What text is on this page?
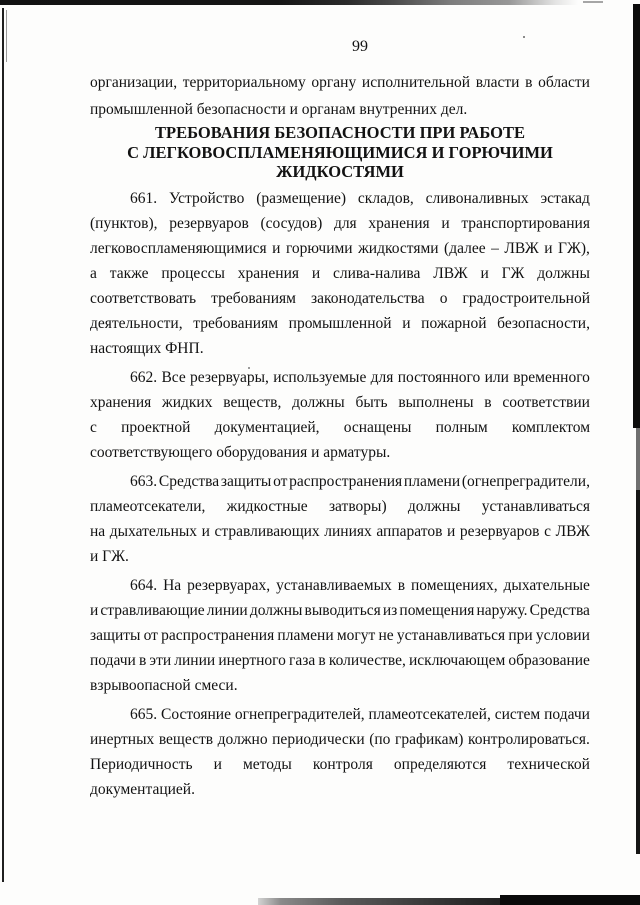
99
организации, территориальному органу исполнительной власти в области
промышленной безопасности и органам внутренних дел.
ТРЕБОВАНИЯ БЕЗОПАСНОСТИ ПРИ РАБОТЕ
С ЛЕГКОВОСПЛАМЕНЯЮЩИМИСЯ И ГОРЮЧИМИ
ЖИДКОСТЯМИ
661. Устройство (размещение) складов, сливоналивных эстакад
(пунктов), резервуаров (сосудов) для хранения и транспортирования
легковоспламеняющимися и горючими жидкостями (далее – ЛВЖ и ГЖ),
а также процессы хранения и слива-налива ЛВЖ и ГЖ должны
соответствовать требованиям законодательства о градостроительной
деятельности, требованиям промышленной и пожарной безопасности,
настоящих ФНП.
662. Все резервуары, используемые для постоянного или временного
хранения жидких веществ, должны быть выполнены в соответствии
с проектной документацией, оснащены полным комплектом
соответствующего оборудования и арматуры.
663. Средства защиты от распространения пламени (огнепреградители,
пламеотсекатели, жидкостные затворы) должны устанавливаться
на дыхательных и стравливающих линиях аппаратов и резервуаров с ЛВЖ
и ГЖ.
664. На резервуарах, устанавливаемых в помещениях, дыхательные
и стравливающие линии должны выводиться из помещения наружу. Средства
защиты от распространения пламени могут не устанавливаться при условии
подачи в эти линии инертного газа в количестве, исключающем образование
взрывоопасной смеси.
665. Состояние огнепреградителей, пламеотсекателей, систем подачи
инертных веществ должно периодически (по графикам) контролироваться.
Периодичность и методы контроля определяются технической
документацией.
